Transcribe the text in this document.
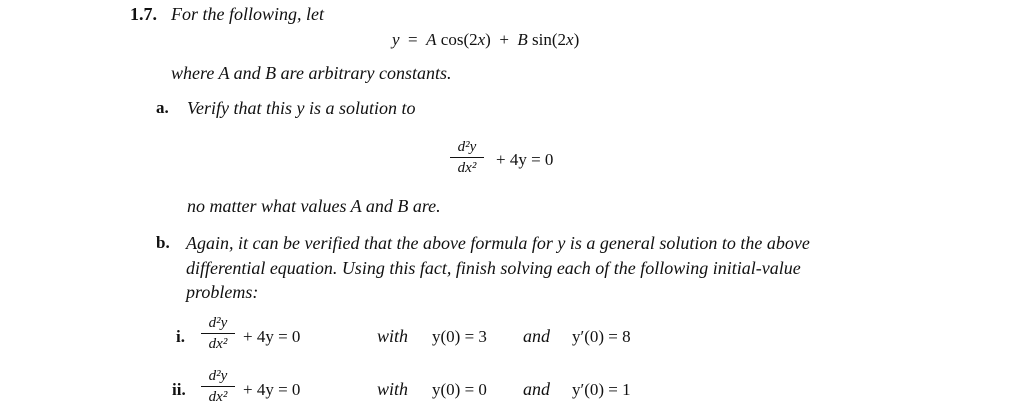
1.7. For the following, let
y  =  A cos(2x)  +  B sin(2x)
where A and B are arbitrary constants.
a. Verify that this y is a solution to
d²y
dx²	+ 4y = 0
no matter what values A and B are.
b. Again, it can be verified that the above formula for y is a general solution to the above
differential equation. Using this fact, finish solving each of the following initial-value
problems:
i.
d²y
dx² + 4y = 0	with y(0) = 3 and y′(0) = 8
ii.
d²y
dx² + 4y = 0	with y(0) = 0 and y′(0) = 1
